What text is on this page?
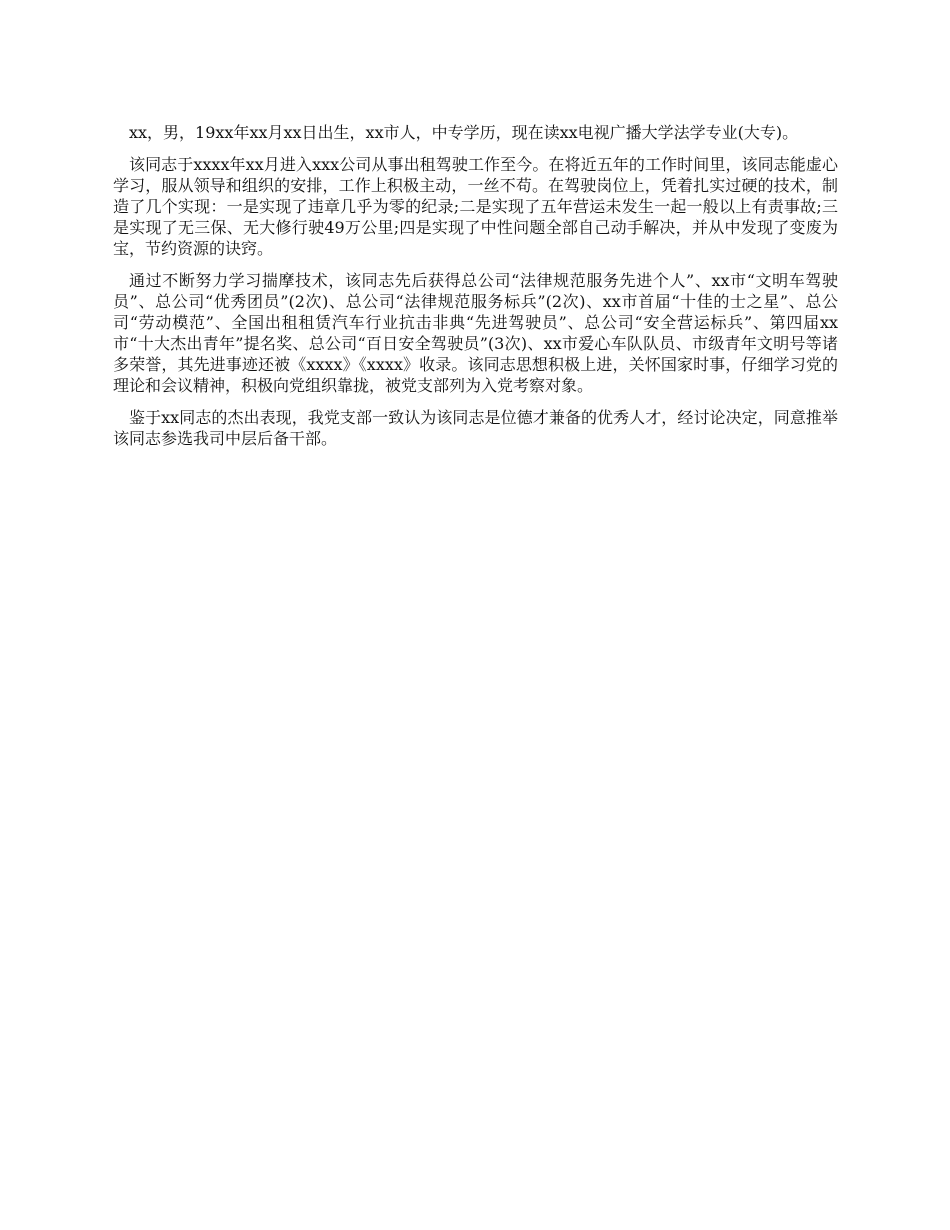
xx，男，19xx年xx月xx日出生，xx市人，中专学历，现在读xx电视广播大学法学专业(大专)。

该同志于xxxx年xx月进入xxx公司从事出租驾驶工作至今。在将近五年的工作时间里，该同志能虚心学习，服从领导和组织的安排，工作上积极主动，一丝不苟。在驾驶岗位上，凭着扎实过硬的技术，制造了几个实现：一是实现了违章几乎为零的纪录;二是实现了五年营运未发生一起一般以上有责事故;三是实现了无三保、无大修行驶49万公里;四是实现了中性问题全部自己动手解决，并从中发现了变废为宝，节约资源的诀窍。

通过不断努力学习揣摩技术，该同志先后获得总公司“法律规范服务先进个人”、xx市“文明车驾驶员”、总公司“优秀团员”(2次)、总公司“法律规范服务标兵”(2次)、xx市首届“十佳的士之星”、总公司“劳动模范”、全国出租租赁汽车行业抗击非典“先进驾驶员”、总公司“安全营运标兵”、第四届xx市“十大杰出青年”提名奖、总公司“百日安全驾驶员”(3次)、xx市爱心车队队员、市级青年文明号等诸多荣誉，其先进事迹还被《xxxx》《xxxx》收录。该同志思想积极上进，关怀国家时事，仔细学习党的理论和会议精神，积极向党组织靠拢，被党支部列为入党考察对象。

鉴于xx同志的杰出表现，我党支部一致认为该同志是位德才兼备的优秀人才，经讨论决定，同意推举该同志参选我司中层后备干部。
